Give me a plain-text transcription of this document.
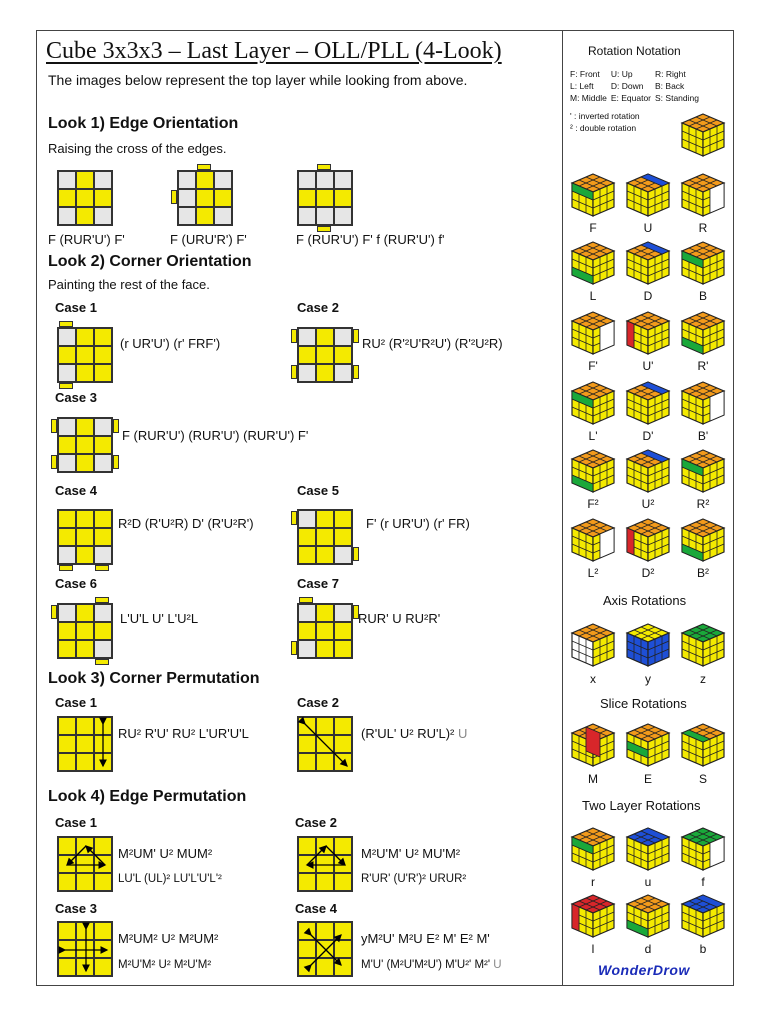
Cube 3x3x3 – Last Layer – OLL/PLL (4-Look)
The images below represent the top layer while looking from above.
Look 1) Edge Orientation
Raising the cross of the edges.
F (RUR'U') F'	F (URU'R') F'	F (RUR'U') F' f (RUR'U') f'
Look 2) Corner Orientation
Painting the rest of the face.
Case 1
(r UR'U') (r' FRF')
Case 2
RU² (R'²U'R²U') (R'²U²R)
Case 3
F (RUR'U') (RUR'U') (RUR'U') F'
Case 4
R²D (R'U²R) D' (R'U²R')
Case 5
F' (r UR'U') (r' FR)
Case 6
L'U'L U' L'U²L
Case 7
RUR' U RU²R'
Look 3) Corner Permutation
Case 1
RU² R'U' RU² L'UR'U'L
Case 2
(R'UL' U² RU'L)² U
Look 4) Edge Permutation
Case 1
M²UM' U² MUM²
LU'L (UL)² LU'L'U'L'²
Case 2
M²U'M' U² MU'M²
R'UR' (U'R')² URUR²
Case 3
M²UM² U² M²UM²
M²U'M² U² M²U'M²
Case 4
yM²U' M²U E² M' E² M'
M'U' (M²U'M²U') M'U²' M²' U
Rotation Notation
F: Front	U: Up	R: Right
L: Left	D: Down	B: Back
M: Middle	E: Equator	S: Standing
' : inverted rotation
² : double rotation
F	U	R
L	D	B
F'	U'	R'
L'	D'	B'
F²	U²	R²
L²	D²	B²
x	y	z
M	E	S
r	u	f
l	d	b
Axis Rotations
Slice Rotations
Two Layer Rotations
WonderDrow
